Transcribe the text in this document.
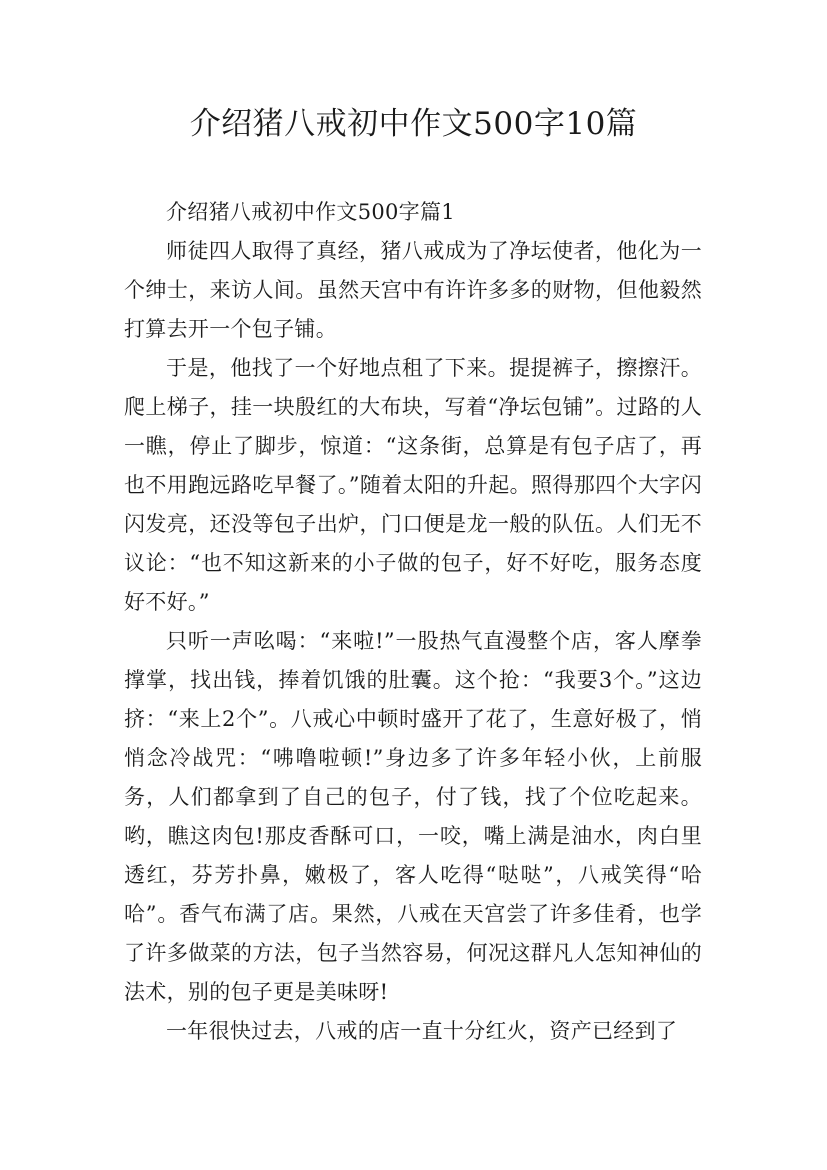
介绍猪八戒初中作文500字10篇

介绍猪八戒初中作文500字篇1

师徒四人取得了真经，猪八戒成为了净坛使者，他化为一个绅士，来访人间。虽然天宫中有许许多多的财物，但他毅然打算去开一个包子铺。

于是，他找了一个好地点租了下来。提提裤子，擦擦汗。爬上梯子，挂一块殷红的大布块，写着“净坛包铺”。过路的人一瞧，停止了脚步，惊道：“这条街，总算是有包子店了，再也不用跑远路吃早餐了。”随着太阳的升起。照得那四个大字闪闪发亮，还没等包子出炉，门口便是龙一般的队伍。人们无不议论：“也不知这新来的小子做的包子，好不好吃，服务态度好不好。”

只听一声吆喝：“来啦!”一股热气直漫整个店，客人摩拳撑掌，找出钱，捧着饥饿的肚囊。这个抢：“我要3个。”这边挤：“来上2个”。八戒心中顿时盛开了花了，生意好极了，悄悄念冷战咒：“咈噜啦顿!”身边多了许多年轻小伙，上前服务，人们都拿到了自己的包子，付了钱，找了个位吃起来。哟，瞧这肉包!那皮香酥可口，一咬，嘴上满是油水，肉白里透红，芬芳扑鼻，嫩极了，客人吃得“哒哒”，八戒笑得“哈哈”。香气布满了店。果然，八戒在天宫尝了许多佳肴，也学了许多做菜的方法，包子当然容易，何况这群凡人怎知神仙的法术，别的包子更是美味呀!

一年很快过去，八戒的店一直十分红火，资产已经到了
